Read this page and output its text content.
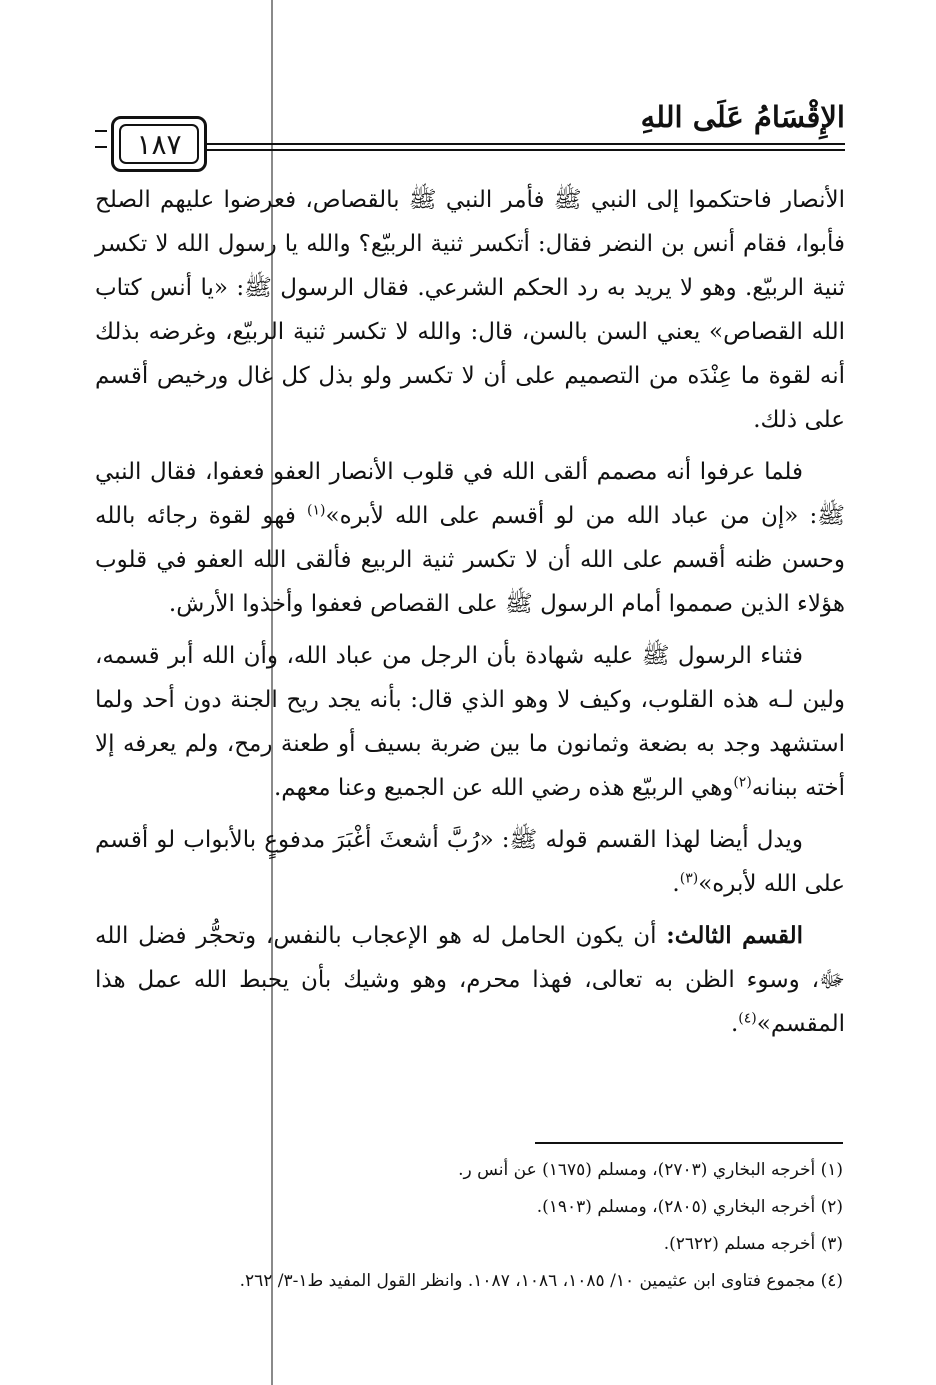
الإِقْسَامُ عَلَى اللهِ
١٨٧

الأنصار فاحتكموا إلى النبي ﷺ فأمر النبي ﷺ بالقصاص، فعرضوا عليهم الصلح فأبوا، فقام أنس بن النضر فقال: أتكسر ثنية الربيّع؟ والله يا رسول الله لا تكسر ثنية الربيّع. وهو لا يريد به رد الحكم الشرعي. فقال الرسول ﷺ: «يا أنس كتاب الله القصاص» يعني السن بالسن، قال: والله لا تكسر ثنية الربيّع، وغرضه بذلك أنه لقوة ما عِنْدَه من التصميم على أن لا تكسر ولو بذل كل غال ورخيص أقسم على ذلك.

فلما عرفوا أنه مصمم ألقى الله في قلوب الأنصار العفو فعفوا، فقال النبي ﷺ: «إن من عباد الله من لو أقسم على الله لأبره»$^{(١)}$ فهو لقوة رجائه بالله وحسن ظنه أقسم على الله أن لا تكسر ثنية الربيع فألقى الله العفو في قلوب هؤلاء الذين صمموا أمام الرسول ﷺ على القصاص فعفوا وأخذوا الأرش.

فثناء الرسول ﷺ عليه شهادة بأن الرجل من عباد الله، وأن الله أبر قسمه، ولين لـه هذه القلوب، وكيف لا وهو الذي قال: بأنه يجد ريح الجنة دون أحد ولما استشهد وجد به بضعة وثمانون ما بين ضربة بسيف أو طعنة رمح، ولم يعرفه إلا أخته ببنانه$^{(٢)}$وهي الربيّع هذه رضي الله عن الجميع وعنا معهم.

ويدل أيضا لهذا القسم قوله ﷺ: «رُبَّ أشعثَ أغْبَرَ مدفوعٍ بالأبواب لو أقسم على الله لأبره»$^{(٣)}$.

القسم الثالث: أن يكون الحامل له هو الإعجاب بالنفس، وتحجُّر فضل الله ﷻ، وسوء الظن به تعالى، فهذا محرم، وهو وشيك بأن يحبط الله عمل هذا المقسم»$^{(٤)}$.

(١) أخرجه البخاري (٢٧٠٣)، ومسلم (١٦٧٥) عن أنس ر.
(٢) أخرجه البخاري (٢٨٠٥)، ومسلم (١٩٠٣).
(٣) أخرجه مسلم (٢٦٢٢).
(٤) مجموع فتاوى ابن عثيمين ١٠/ ١٠٨٥، ١٠٨٦، ١٠٨٧. وانظر القول المفيد ط١-٣/ ٢٦٢.
